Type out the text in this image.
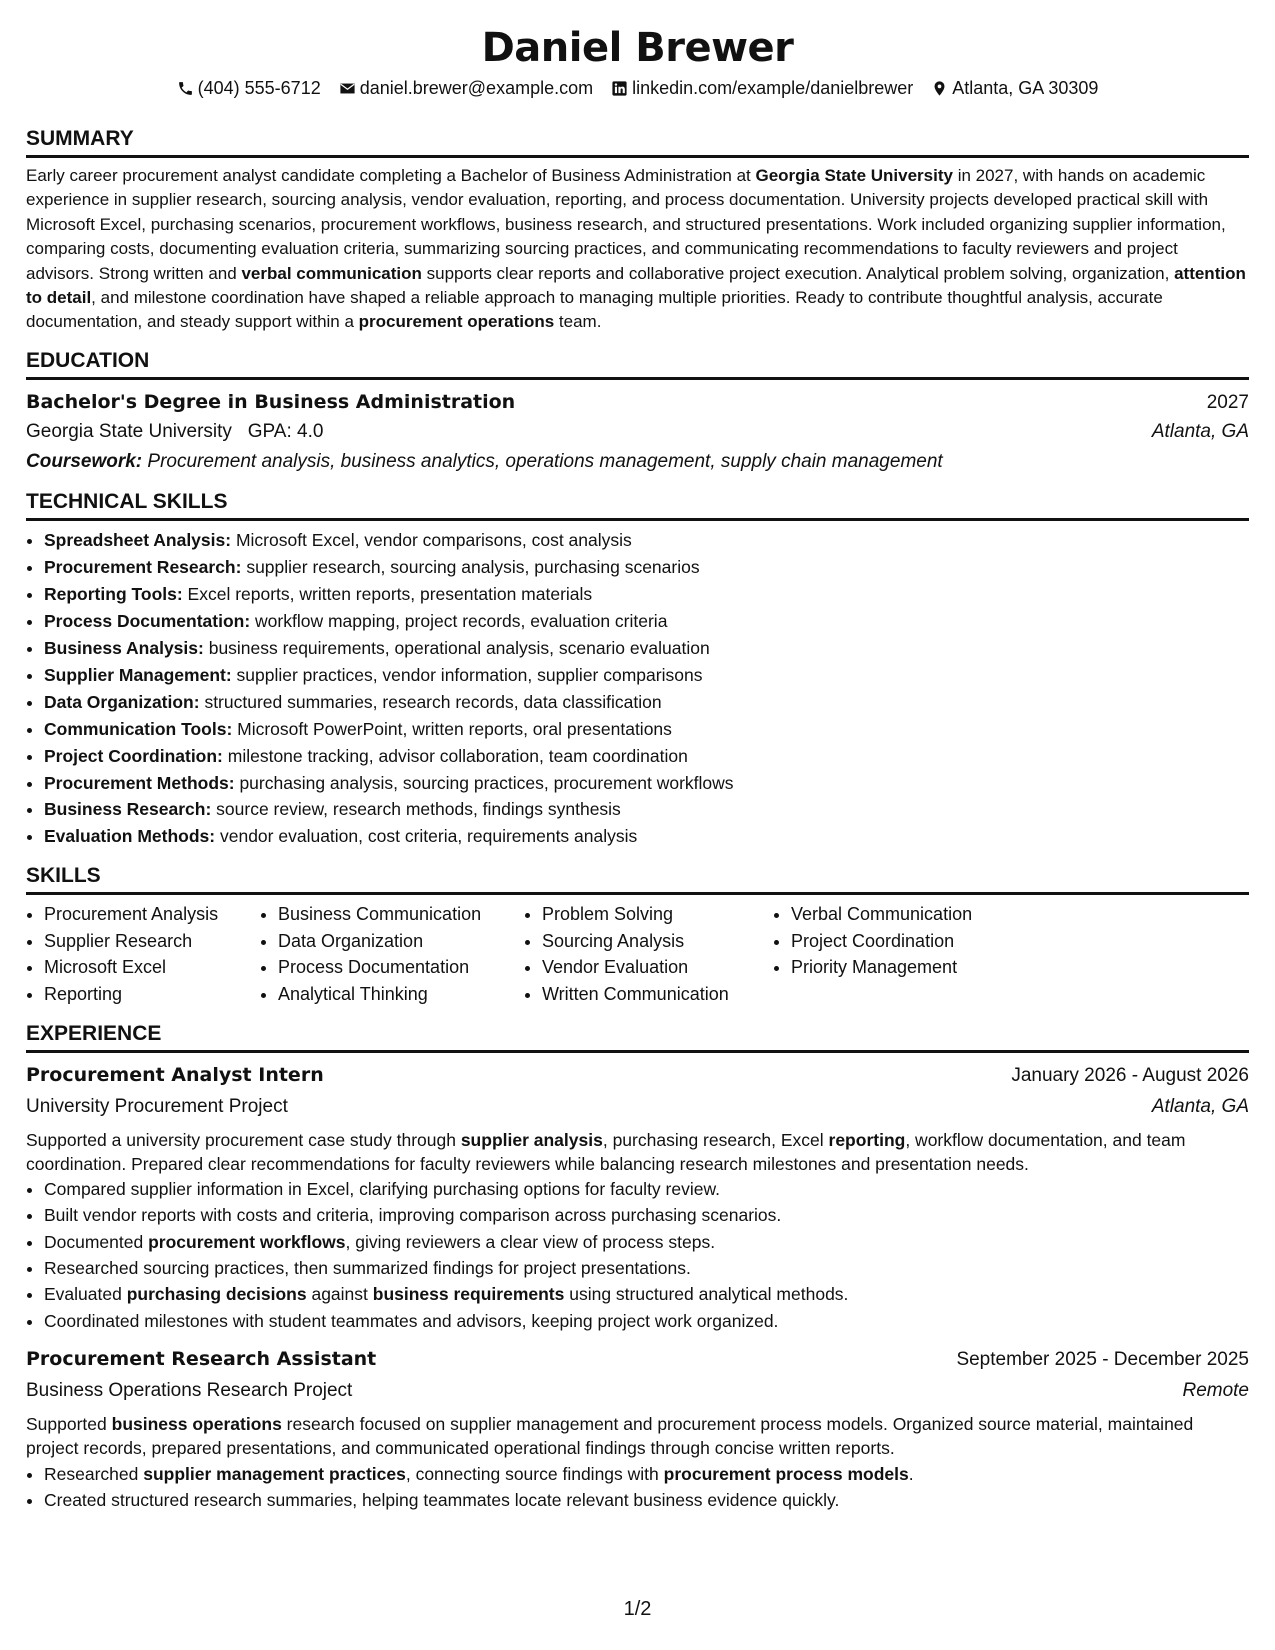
Daniel Brewer
(404) 555-6712 daniel.brewer@example.com linkedin.com/example/danielbrewer Atlanta, GA 30309
SUMMARY
Early career procurement analyst candidate completing a Bachelor of Business Administration at Georgia State University in 2027, with hands on academic experience in supplier research, sourcing analysis, vendor evaluation, reporting, and process documentation. University projects developed practical skill with Microsoft Excel, purchasing scenarios, procurement workflows, business research, and structured presentations. Work included organizing supplier information, comparing costs, documenting evaluation criteria, summarizing sourcing practices, and communicating recommendations to faculty reviewers and project advisors. Strong written and verbal communication supports clear reports and collaborative project execution. Analytical problem solving, organization, attention to detail, and milestone coordination have shaped a reliable approach to managing multiple priorities. Ready to contribute thoughtful analysis, accurate documentation, and steady support within a procurement operations team.
EDUCATION
Bachelor's Degree in Business Administration	2027
Georgia State University GPA: 4.0	Atlanta, GA
Coursework: Procurement analysis, business analytics, operations management, supply chain management
TECHNICAL SKILLS
• Spreadsheet Analysis: Microsoft Excel, vendor comparisons, cost analysis
• Procurement Research: supplier research, sourcing analysis, purchasing scenarios
• Reporting Tools: Excel reports, written reports, presentation materials
• Process Documentation: workflow mapping, project records, evaluation criteria
• Business Analysis: business requirements, operational analysis, scenario evaluation
• Supplier Management: supplier practices, vendor information, supplier comparisons
• Data Organization: structured summaries, research records, data classification
• Communication Tools: Microsoft PowerPoint, written reports, oral presentations
• Project Coordination: milestone tracking, advisor collaboration, team coordination
• Procurement Methods: purchasing analysis, sourcing practices, procurement workflows
• Business Research: source review, research methods, findings synthesis
• Evaluation Methods: vendor evaluation, cost criteria, requirements analysis
SKILLS
• Procurement Analysis
• Supplier Research
• Microsoft Excel
• Reporting
• Business Communication
• Data Organization
• Process Documentation
• Analytical Thinking
• Problem Solving
• Sourcing Analysis
• Vendor Evaluation
• Written Communication
• Verbal Communication
• Project Coordination
• Priority Management
EXPERIENCE
Procurement Analyst Intern	January 2026 - August 2026
University Procurement Project	Atlanta, GA
Supported a university procurement case study through supplier analysis, purchasing research, Excel reporting, workflow documentation, and team coordination. Prepared clear recommendations for faculty reviewers while balancing research milestones and presentation needs.
• Compared supplier information in Excel, clarifying purchasing options for faculty review.
• Built vendor reports with costs and criteria, improving comparison across purchasing scenarios.
• Documented procurement workflows, giving reviewers a clear view of process steps.
• Researched sourcing practices, then summarized findings for project presentations.
• Evaluated purchasing decisions against business requirements using structured analytical methods.
• Coordinated milestones with student teammates and advisors, keeping project work organized.
Procurement Research Assistant	September 2025 - December 2025
Business Operations Research Project	Remote
Supported business operations research focused on supplier management and procurement process models. Organized source material, maintained project records, prepared presentations, and communicated operational findings through concise written reports.
• Researched supplier management practices, connecting source findings with procurement process models.
• Created structured research summaries, helping teammates locate relevant business evidence quickly.
1/2
